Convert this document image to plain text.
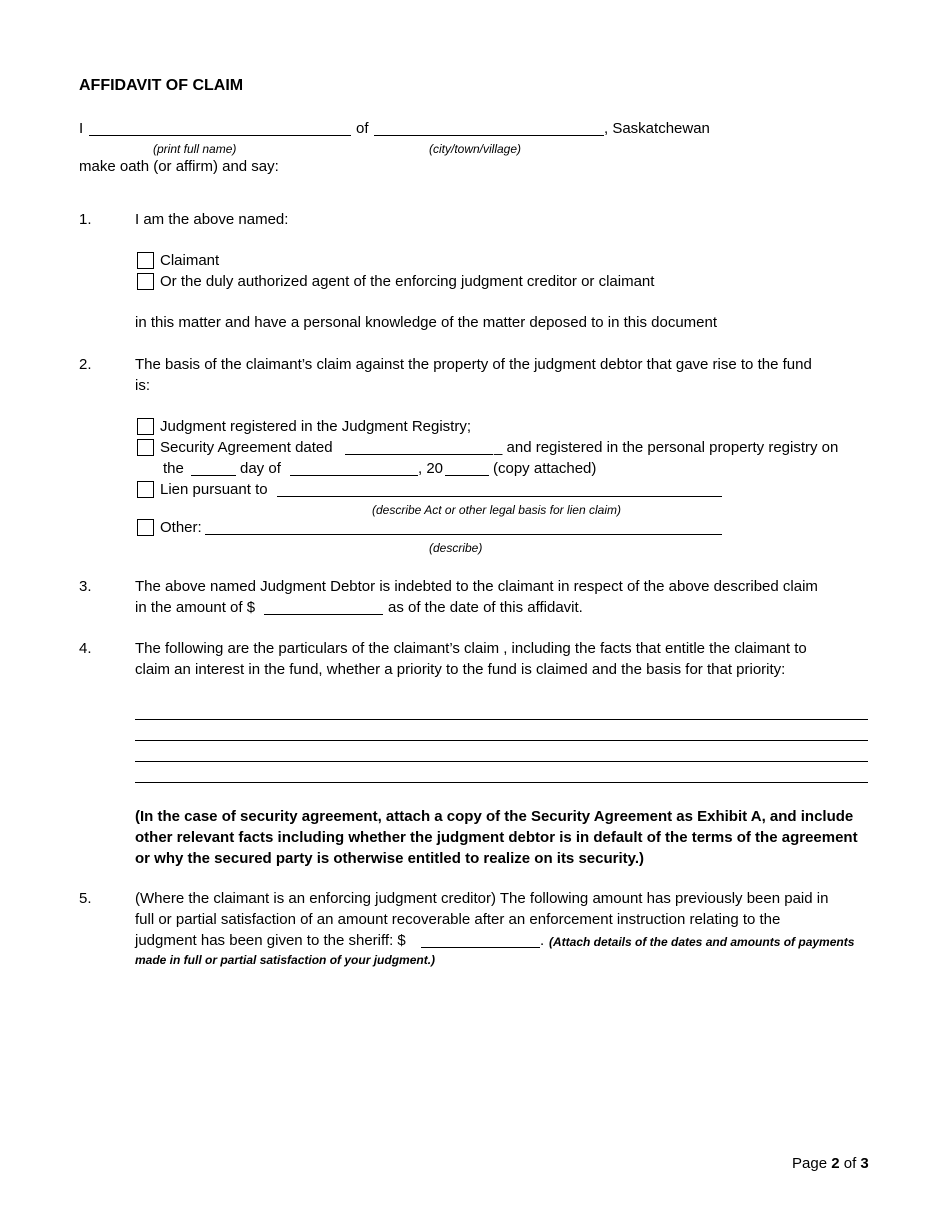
AFFIDAVIT OF CLAIM
I	of	, Saskatchewan
(print full name)	(city/town/village)
make oath (or affirm) and say:
1.	I am the above named:
Claimant
Or the duly authorized agent of the enforcing judgment creditor or claimant
in this matter and have a personal knowledge of the matter deposed to in this document
2.	The basis of the claimant’s claim against the property of the judgment debtor that gave rise to the fund
is:
Judgment registered in the Judgment Registry;
Security Agreement dated	_ and registered in the personal property registry on
the	day of	, 20	(copy attached)
Lien pursuant to
(describe Act or other legal basis for lien claim)
Other:
(describe)
3.	The above named Judgment Debtor is indebted to the claimant in respect of the above described claim
in the amount of $	as of the date of this affidavit.
4.	The following are the particulars of the claimant’s claim , including the facts that entitle the claimant to
claim an interest in the fund, whether a priority to the fund is claimed and the basis for that priority:
(In the case of security agreement, attach a copy of the Security Agreement as Exhibit A, and include other relevant facts including whether the judgment debtor is in default of the terms of the agreement or why the secured party is otherwise entitled to realize on its security.)
5.	(Where the claimant is an enforcing judgment creditor) The following amount has previously been paid in
full or partial satisfaction of an amount recoverable after an enforcement instruction relating to the
judgment has been given to the sheriff: $	. (Attach details of the dates and amounts of payments
made in full or partial satisfaction of your judgment.)
Page 2 of 3
